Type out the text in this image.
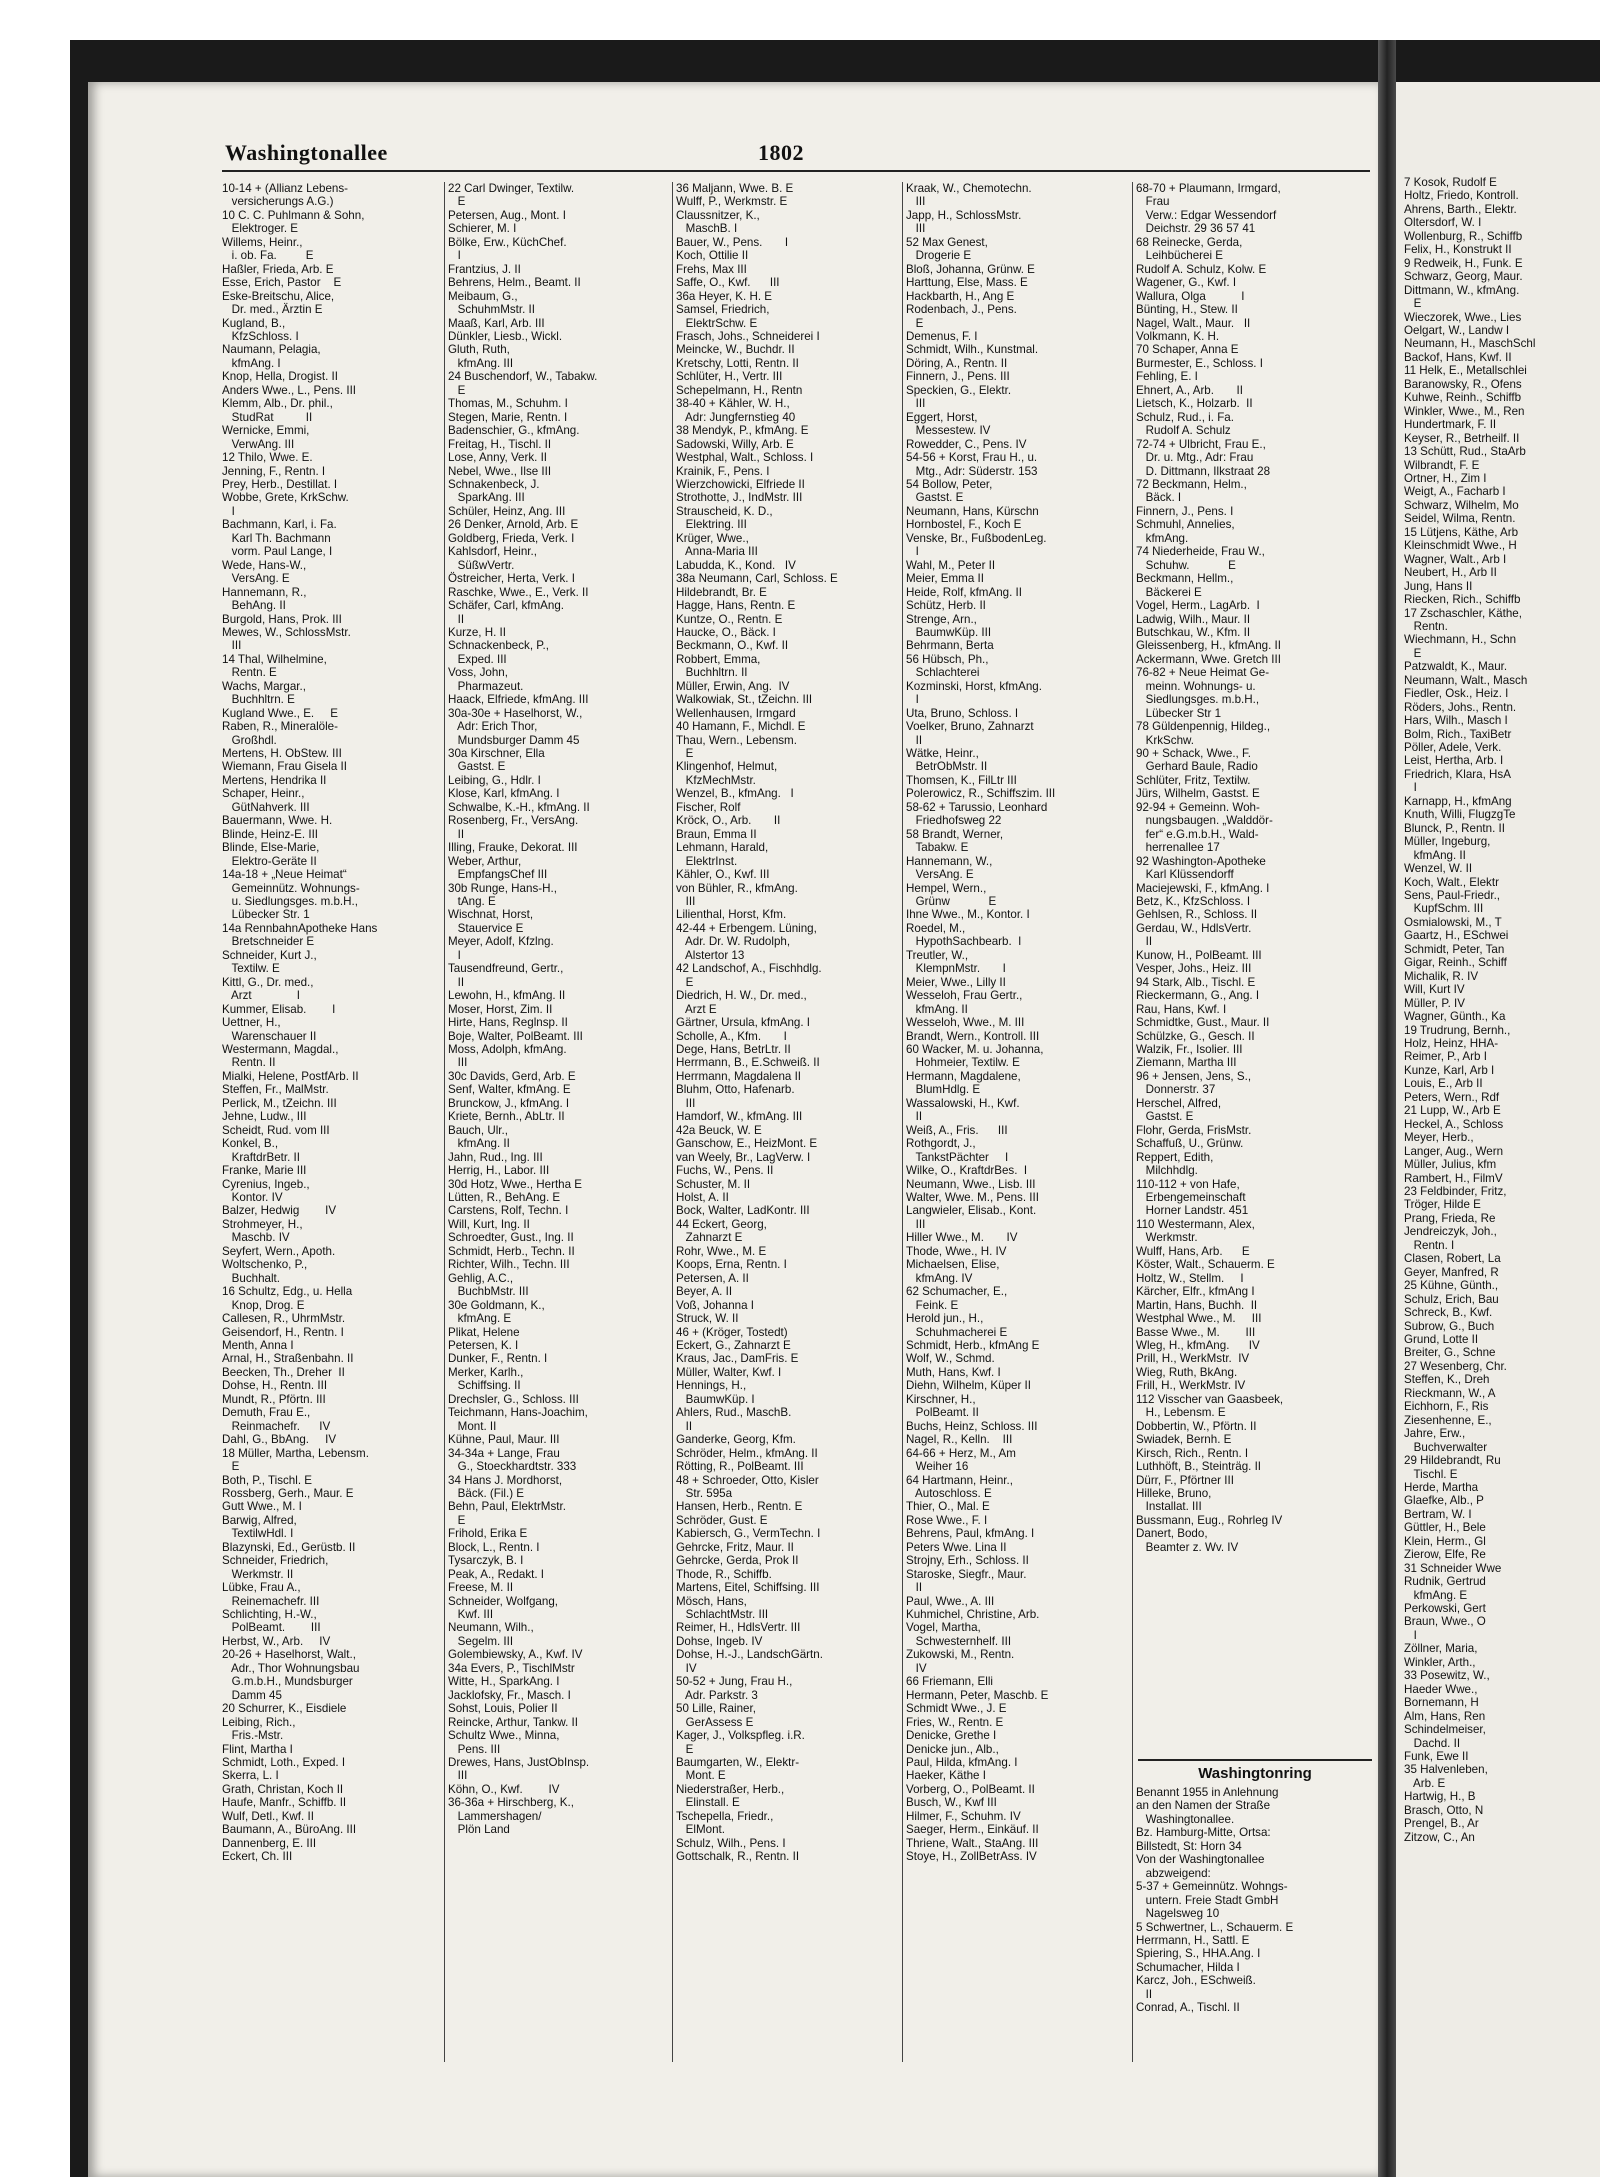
7 Kosok, Rudolf E
Holtz, Friedo, Kontroll.
Ahrens, Barth., Elektr.
Oltersdorf, W. I
Wollenburg, R., Schiffb
Felix, H., Konstrukt II
9 Redweik, H., Funk. E
Schwarz, Georg, Maur.
Dittmann, W., kfmAng.
E
Wieczorek, Wwe., Lies
Oelgart, W., Landw I
Neumann, H., MaschSchl
Backof, Hans, Kwf. II
11 Helk, E., Metallschlei
Baranowsky, R., Ofens
Kuhwe, Reinh., Schiffb
Winkler, Wwe., M., Ren
Hundertmark, F. II
Keyser, R., Betrheilf. II
13 Schütt, Rud., StaArb
Wilbrandt, F. E
Ortner, H., Zim I
Weigt, A., Facharb I
Schwarz, Wilhelm, Mo
Seidel, Wilma, Rentn.
15 Lütjens, Käthe, Arb
Kleinschmidt Wwe., H
Wagner, Walt., Arb I
Neubert, H., Arb II
Jung, Hans II
Riecken, Rich., Schiffb
17 Zschaschler, Käthe,
Rentn.
Wiechmann, H., Schn
E
Patzwaldt, K., Maur.
Neumann, Walt., Masch
Fiedler, Osk., Heiz. I
Röders, Johs., Rentn.
Hars, Wilh., Masch I
Bolm, Rich., TaxiBetr
Pöller, Adele, Verk.
Leist, Hertha, Arb. I
Friedrich, Klara, HsA
I
Karnapp, H., kfmAng
Knuth, Willi, FlugzgTe
Blunck, P., Rentn. II
Müller, Ingeburg,
kfmAng. II
Wenzel, W. II
Koch, Walt., Elektr
Sens, Paul-Friedr.,
KupfSchm. III
Osmialowski, M., T
Gaartz, H., ESchwei
Schmidt, Peter, Tan
Gigar, Reinh., Schiff
Michalik, R. IV
Will, Kurt IV
Müller, P. IV
Wagner, Günth., Ka
19 Trudrung, Bernh.,
Holz, Heinz, HHA-
Reimer, P., Arb I
Kunze, Karl, Arb I
Louis, E., Arb II
Peters, Wern., Rdf
21 Lupp, W., Arb E
Heckel, A., Schloss
Meyer, Herb.,
Langer, Aug., Wern
Müller, Julius, kfm
Rambert, H., FilmV
23 Feldbinder, Fritz,
Tröger, Hilde E
Prang, Frieda, Re
Jendreiczyk, Joh.,
Rentn. I
Clasen, Robert, La
Geyer, Manfred, R
25 Kühne, Günth.,
Schulz, Erich, Bau
Schreck, B., Kwf.
Subrow, G., Buch
Grund, Lotte II
Breiter, G., Schne
27 Wesenberg, Chr.
Steffen, K., Dreh
Rieckmann, W., A
Eichhorn, F., Ris
Ziesenhenne, E.,
Jahre, Erw.,
Buchverwalter
29 Hildebrandt, Ru
Tischl. E
Herde, Martha
Glaefke, Alb., P
Bertram, W. I
Güttler, H., Bele
Klein, Herm., Gl
Zierow, Elfe, Re
31 Schneider Wwe
Rudnik, Gertrud
kfmAng. E
Perkowski, Gert
Braun, Wwe., O
I
Zöllner, Maria,
Winkler, Arth.,
33 Posewitz, W.,
Haeder Wwe.,
Bornemann, H
Alm, Hans, Ren
Schindelmeiser,
Dachd. II
Funk, Ewe II
35 Halvenleben,
Arb. E
Hartwig, H., B
Brasch, Otto, N
Prengel, B., Ar
Zitzow, C., An
Washingtonallee	1802
10-14 + (Allianz Lebens-
versicherungs A.G.)
10 C. C. Puhlmann & Sohn,
Elektroger. E
Willems, Heinr.,
i. ob. Fa.         E
Haßler, Frieda, Arb. E
Esse, Erich, Pastor    E
Eske-Breitschu, Alice,
Dr. med., Ärztin E
Kugland, B.,
KfzSchloss. I
Naumann, Pelagia,
kfmAng. I
Knop, Hella, Drogist. II
Anders Wwe., L., Pens. III
Klemm, Alb., Dr. phil.,
StudRat          II
Wernicke, Emmi,
VerwAng. III
12 Thilo, Wwe. E.
Jenning, F., Rentn. I
Prey, Herb., Destillat. I
Wobbe, Grete, KrkSchw.
I
Bachmann, Karl, i. Fa.
Karl Th. Bachmann
vorm. Paul Lange, I
Wede, Hans-W.,
VersAng. E
Hannemann, R.,
BehAng. II
Burgold, Hans, Prok. III
Mewes, W., SchlossMstr.
III
14 Thal, Wilhelmine,
Rentn. E
Wachs, Margar.,
Buchhltrn. E
Kugland Wwe., E.     E
Raben, R., Mineralöle-
Großhdl.
Mertens, H. ObStew. III
Wiemann, Frau Gisela II
Mertens, Hendrika II
Schaper, Heinr.,
GütNahverk. III
Bauermann, Wwe. H.
Blinde, Heinz-E. III
Blinde, Else-Marie,
Elektro-Geräte II
14a-18 + „Neue Heimat“
Gemeinnütz. Wohnungs-
u. Siedlungsges. m.b.H.,
Lübecker Str. 1
14a RennbahnApotheke Hans
Bretschneider E
Schneider, Kurt J.,
Textilw. E
Kittl, G., Dr. med.,
Arzt              I
Kummer, Elisab.        I
Uettner, H.,
Warenschauer II
Westermann, Magdal.,
Rentn. II
Mialki, Helene, PostfArb. II
Steffen, Fr., MalMstr.
Perlick, M., tZeichn. III
Jehne, Ludw., III
Scheidt, Rud. vom III
Konkel, B.,
KraftdrBetr. II
Franke, Marie III
Cyrenius, Ingeb.,
Kontor. IV
Balzer, Hedwig        IV
Strohmeyer, H.,
Maschb. IV
Seyfert, Wern., Apoth.
Woltschenko, P.,
Buchhalt.
16 Schultz, Edg., u. Hella
Knop, Drog. E
Callesen, R., UhrmMstr.
Geisendorf, H., Rentn. I
Menth, Anna I
Arnal, H., Straßenbahn. II
Beecken, Th., Dreher  II
Dohse, H., Rentn. III
Mundt, R., Pförtn. III
Demuth, Frau E.,
Reinmachefr.      IV
Dahl, G., BbAng.     IV
18 Müller, Martha, Lebensm.
E
Both, P., Tischl. E
Rossberg, Gerh., Maur. E
Gutt Wwe., M. I
Barwig, Alfred,
TextilwHdl. I
Blazynski, Ed., Gerüstb. II
Schneider, Friedrich,
Werkmstr. II
Lübke, Frau A.,
Reinemachefr. III
Schlichting, H.-W.,
PolBeamt.        III
Herbst, W., Arb.     IV
20-26 + Haselhorst, Walt.,
Adr., Thor Wohnungsbau
G.m.b.H., Mundsburger
Damm 45
20 Schurrer, K., Eisdiele
Leibing, Rich.,
Fris.-Mstr.
Flint, Martha I
Schmidt, Loth., Exped. I
Skerra, L. I
Grath, Christan, Koch II
Haufe, Manfr., Schiffb. II
Wulf, Detl., Kwf. II
Baumann, A., BüroAng. III
Dannenberg, E. III
Eckert, Ch. III
22 Carl Dwinger, Textilw.
E
Petersen, Aug., Mont. I
Schierer, M. I
Bölke, Erw., KüchChef.
I
Frantzius, J. II
Behrens, Helm., Beamt. II
Meibaum, G.,
SchuhmMstr. II
Maaß, Karl, Arb. III
Dünkler, Liesb., Wickl.
Gluth, Ruth,
kfmAng. III
24 Buschendorf, W., Tabakw.
E
Thomas, M., Schuhm. I
Stegen, Marie, Rentn. I
Badenschier, G., kfmAng.
Freitag, H., Tischl. II
Lose, Anny, Verk. II
Nebel, Wwe., Ilse III
Schnakenbeck, J.
SparkAng. III
Schüler, Heinz, Ang. III
26 Denker, Arnold, Arb. E
Goldberg, Frieda, Verk. I
Kahlsdorf, Heinr.,
SüßwVertr.
Östreicher, Herta, Verk. I
Raschke, Wwe., E., Verk. II
Schäfer, Carl, kfmAng.
II
Kurze, H. II
Schnackenbeck, P.,
Exped. III
Voss, John,
Pharmazeut.
Haack, Elfriede, kfmAng. III
30a-30e + Haselhorst, W.,
Adr: Erich Thor,
Mundsburger Damm 45
30a Kirschner, Ella
Gastst. E
Leibing, G., Hdlr. I
Klose, Karl, kfmAng. I
Schwalbe, K.-H., kfmAng. II
Rosenberg, Fr., VersAng.
II
Illing, Frauke, Dekorat. III
Weber, Arthur,
EmpfangsChef III
30b Runge, Hans-H.,
tAng. E
Wischnat, Horst,
Stauervice E
Meyer, Adolf, Kfzlng.
I
Tausendfreund, Gertr.,
II
Lewohn, H., kfmAng. II
Moser, Horst, Zim. II
Hirte, Hans, Reglnsp. II
Boje, Walter, PolBeamt. III
Moss, Adolph, kfmAng.
III
30c Davids, Gerd, Arb. E
Senf, Walter, kfmAng. E
Brunckow, J., kfmAng. I
Kriete, Bernh., AbLtr. II
Bauch, Ulr.,
kfmAng. II
Jahn, Rud., Ing. III
Herrig, H., Labor. III
30d Hotz, Wwe., Hertha E
Lütten, R., BehAng. E
Carstens, Rolf, Techn. I
Will, Kurt, Ing. II
Schroedter, Gust., Ing. II
Schmidt, Herb., Techn. II
Richter, Wilh., Techn. III
Gehlig, A.C.,
BuchbMstr. III
30e Goldmann, K.,
kfmAng. E
Plikat, Helene
Petersen, K. I
Dunker, F., Rentn. I
Merker, Karlh.,
Schiffsing. II
Drechsler, G., Schloss. III
Teichmann, Hans-Joachim,
Mont. II
Kühne, Paul, Maur. III
34-34a + Lange, Frau
G., Stoeckhardtstr. 333
34 Hans J. Mordhorst,
Bäck. (Fil.) E
Behn, Paul, ElektrMstr.
E
Frihold, Erika E
Block, L., Rentn. I
Tysarczyk, B. I
Peak, A., Redakt. I
Freese, M. II
Schneider, Wolfgang,
Kwf. III
Neumann, Wilh.,
Segelm. III
Golembiewsky, A., Kwf. IV
34a Evers, P., TischlMstr
Witte, H., SparkAng. I
Jacklofsky, Fr., Masch. I
Sohst, Louis, Polier II
Reincke, Arthur, Tankw. II
Schultz Wwe., Minna,
Pens. III
Drewes, Hans, JustObInsp.
III
Köhn, O., Kwf.        IV
36-36a + Hirschberg, K.,
Lammershagen/
Plön Land
36 Maljann, Wwe. B. E
Wulff, P., Werkmstr. E
Claussnitzer, K.,
MaschB. I
Bauer, W., Pens.       I
Koch, Ottilie II
Frehs, Max III
Saffe, O., Kwf.      III
36a Heyer, K. H. E
Samsel, Friedrich,
ElektrSchw. E
Frasch, Johs., Schneiderei I
Meincke, W., Buchdr. II
Kretschy, Lotti, Rentn. II
Schlüter, H., Vertr. III
Schepelmann, H., Rentn
38-40 + Kähler, W. H.,
Adr: Jungfernstieg 40
38 Mendyk, P., kfmAng. E
Sadowski, Willy, Arb. E
Westphal, Walt., Schloss. I
Krainik, F., Pens. I
Wierzchowicki, Elfriede II
Strothotte, J., IndMstr. III
Strauscheid, K. D.,
Elektring. III
Krüger, Wwe.,
Anna-Maria III
Labudda, K., Kond.   IV
38a Neumann, Carl, Schloss. E
Hildebrandt, Br. E
Hagge, Hans, Rentn. E
Kuntze, O., Rentn. E
Haucke, O., Bäck. I
Beckmann, O., Kwf. II
Robbert, Emma,
Buchhltrn. II
Müller, Erwin, Ang.  IV
Walkowiak, St., tZeichn. III
Wellenhausen, Irmgard
40 Hamann, F., Michdl. E
Thau, Wern., Lebensm.
E
Klingenhof, Helmut,
KfzMechMstr.
Wenzel, B., kfmAng.   I
Fischer, Rolf
Kröck, O., Arb.       II
Braun, Emma II
Lehmann, Harald,
ElektrInst.
Kähler, O., Kwf. III
von Bühler, R., kfmAng.
III
Lilienthal, Horst, Kfm.
42-44 + Erbengem. Lüning,
Adr. Dr. W. Rudolph,
Alstertor 13
42 Landschof, A., Fischhdlg.
E
Diedrich, H. W., Dr. med.,
Arzt E
Gärtner, Ursula, kfmAng. I
Scholle, A., Kfm.       I
Dege, Hans, BetrLtr. II
Herrmann, B., E.Schweiß. II
Herrmann, Magdalena II
Bluhm, Otto, Hafenarb.
III
Hamdorf, W., kfmAng. III
42a Beuck, W. E
Ganschow, E., HeizMont. E
van Weely, Br., LagVerw. I
Fuchs, W., Pens. II
Schuster, M. II
Holst, A. II
Bock, Walter, LadKontr. III
44 Eckert, Georg,
Zahnarzt E
Rohr, Wwe., M. E
Koops, Erna, Rentn. I
Petersen, A. II
Beyer, A. II
Voß, Johanna I
Struck, W. II
46 + (Kröger, Tostedt)
Eckert, G., Zahnarzt E
Kraus, Jac., DamFris. E
Müller, Walter, Kwf. I
Hennings, H.,
BaumwKüp. I
Ahlers, Rud., MaschB.
II
Ganderke, Georg, Kfm.
Schröder, Helm., kfmAng. II
Rötting, R., PolBeamt. III
48 + Schroeder, Otto, Kisler
Str. 595a
Hansen, Herb., Rentn. E
Schröder, Gust. E
Kabiersch, G., VermTechn. I
Gehrcke, Fritz, Maur. II
Gehrcke, Gerda, Prok II
Thode, R., Schiffb.
Martens, Eitel, Schiffsing. III
Mösch, Hans,
SchlachtMstr. III
Reimer, H., HdlsVertr. III
Dohse, Ingeb. IV
Dohse, H.-J., LandschGärtn.
IV
50-52 + Jung, Frau H.,
Adr. Parkstr. 3
50 Lille, Rainer,
GerAssess E
Kager, J., Volkspfleg. i.R.
E
Baumgarten, W., Elektr-
Mont. E
Niederstraßer, Herb.,
Elinstall. E
Tschepella, Friedr.,
ElMont.
Schulz, Wilh., Pens. I
Gottschalk, R., Rentn. II
Kraak, W., Chemotechn.
III
Japp, H., SchlossMstr.
III
52 Max Genest,
Drogerie E
Bloß, Johanna, Grünw. E
Harttung, Else, Mass. E
Hackbarth, H., Ang E
Rodenbach, J., Pens.
E
Demenus, F. I
Schmidt, Wilh., Kunstmal.
Döring, A., Rentn. II
Finnern, J., Pens. III
Speckien, G., Elektr.
III
Eggert, Horst,
Messestew. IV
Rowedder, C., Pens. IV
54-56 + Korst, Frau H., u.
Mtg., Adr: Süderstr. 153
54 Bollow, Peter,
Gastst. E
Neumann, Hans, Kürschn
Hornbostel, F., Koch E
Venske, Br., FußbodenLeg.
I
Wahl, M., Peter II
Meier, Emma II
Heide, Rolf, kfmAng. II
Schütz, Herb. II
Strenge, Arn.,
BaumwKüp. III
Behrmann, Berta
56 Hübsch, Ph.,
Schlachterei
Kozminski, Horst, kfmAng.
I
Uta, Bruno, Schloss. I
Voelker, Bruno, Zahnarzt
II
Wätke, Heinr.,
BetrObMstr. II
Thomsen, K., FilLtr III
Polerowicz, R., Schiffszim. III
58-62 + Tarussio, Leonhard
Friedhofsweg 22
58 Brandt, Werner,
Tabakw. E
Hannemann, W.,
VersAng. E
Hempel, Wern.,
Grünw            E
Ihne Wwe., M., Kontor. I
Roedel, M.,
HypothSachbearb.  I
Treutler, W.,
KlempnMstr.       I
Meier, Wwe., Lilly II
Wesseloh, Frau Gertr.,
kfmAng. II
Wesseloh, Wwe., M. III
Brandt, Wern., Kontroll. III
60 Wacker, M. u. Johanna,
Hohmeier, Textilw. E
Hermann, Magdalene,
BlumHdlg. E
Wassalowski, H., Kwf.
II
Weiß, A., Fris.      III
Rothgordt, J.,
TankstPächter     I
Wilke, O., KraftdrBes.  I
Neumann, Wwe., Lisb. III
Walter, Wwe. M., Pens. III
Langwieler, Elisab., Kont.
III
Hiller Wwe., M.       IV
Thode, Wwe., H. IV
Michaelsen, Elise,
kfmAng. IV
62 Schumacher, E.,
Feink. E
Herold jun., H.,
Schuhmacherei E
Schmidt, Herb., kfmAng E
Wolf, W., Schmd.
Muth, Hans, Kwf. I
Diehn, Wilhelm, Küper II
Kirschner, H.,
PolBeamt. II
Buchs, Heinz, Schloss. III
Nagel, R., Kelln.    III
64-66 + Herz, M., Am
Weiher 16
64 Hartmann, Heinr.,
Autoschloss. E
Thier, O., Mal. E
Rose Wwe., F. I
Behrens, Paul, kfmAng. I
Peters Wwe. Lina II
Strojny, Erh., Schloss. II
Staroske, Siegfr., Maur.
II
Paul, Wwe., A. III
Kuhmichel, Christine, Arb.
Vogel, Martha,
Schwesternhelf. III
Zukowski, M., Rentn.
IV
66 Friemann, Elli
Hermann, Peter, Maschb. E
Schmidt Wwe., J. E
Fries, W., Rentn. E
Denicke, Grethe I
Denicke jun., Alb.,
Paul, Hilda, kfmAng. I
Haeker, Käthe I
Vorberg, O., PolBeamt. II
Busch, W., Kwf III
Hilmer, F., Schuhm. IV
Saeger, Herm., Einkäuf. II
Thriene, Walt., StaAng. III
Stoye, H., ZollBetrAss. IV
68-70 + Plaumann, Irmgard,
Frau
Verw.: Edgar Wessendorf
Deichstr. 29 36 57 41
68 Reinecke, Gerda,
Leihbücherei E
Rudolf A. Schulz, Kolw. E
Wagener, G., Kwf. I
Wallura, Olga           I
Bünting, H., Stew. II
Nagel, Walt., Maur.   II
Volkmann, K. H.
70 Schaper, Anna E
Burmester, E., Schloss. I
Fehling, E. I
Ehnert, A., Arb.       II
Lietsch, K., Holzarb.  II
Schulz, Rud., i. Fa.
Rudolf A. Schulz
72-74 + Ulbricht, Frau E.,
Dr. u. Mtg., Adr: Frau
D. Dittmann, Ilkstraat 28
72 Beckmann, Helm.,
Bäck. I
Finnern, J., Pens. I
Schmuhl, Annelies,
kfmAng.
74 Niederheide, Frau W.,
Schuhw.            E
Beckmann, Hellm.,
Bäckerei E
Vogel, Herm., LagArb.  I
Ladwig, Wilh., Maur. II
Butschkau, W., Kfm. II
Gleissenberg, H., kfmAng. II
Ackermann, Wwe. Gretch III
76-82 + Neue Heimat Ge-
meinn. Wohnungs- u.
Siedlungsges. m.b.H.,
Lübecker Str 1
78 Güldenpennig, Hildeg.,
KrkSchw.
90 + Schack, Wwe., F.
Gerhard Baule, Radio
Schlüter, Fritz, Textilw.
Jürs, Wilhelm, Gastst. E
92-94 + Gemeinn. Woh-
nungsbaugen. „Walddör-
fer“ e.G.m.b.H., Wald-
herrenallee 17
92 Washington-Apotheke
Karl Klüssendorff
Maciejewski, F., kfmAng. I
Betz, K., KfzSchloss. I
Gehlsen, R., Schloss. II
Gerdau, W., HdlsVertr.
II
Kunow, H., PolBeamt. III
Vesper, Johs., Heiz. III
94 Stark, Alb., Tischl. E
Rieckermann, G., Ang. I
Rau, Hans, Kwf. I
Schmidtke, Gust., Maur. II
Schülzke, G., Gesch. II
Walzik, Fr., Isolier. III
Ziemann, Martha III
96 + Jensen, Jens, S.,
Donnerstr. 37
Herschel, Alfred,
Gastst. E
Flohr, Gerda, FrisMstr.
Schaffuß, U., Grünw.
Reppert, Edith,
Milchhdlg.
110-112 + von Hafe,
Erbengemeinschaft
Horner Landstr. 451
110 Westermann, Alex,
Werkmstr.
Wulff, Hans, Arb.      E
Köster, Walt., Schauerm. E
Holtz, W., Stellm.     I
Kärcher, Elfr., kfmAng I
Martin, Hans, Buchh.  II
Westphal Wwe., M.     III
Basse Wwe., M.        III
Wleg, H., kfmAng.      IV
Prill, H., WerkMstr.  IV
Wieg, Ruth, BkAng.
Frill, H., WerkMstr. IV
112 Visscher van Gaasbeek,
H., Lebensm. E
Dobbertin, W., Pförtn. II
Swiadek, Bernh. E
Kirsch, Rich., Rentn. I
Luthhöft, B., Steinträg. II
Dürr, F., Pförtner III
Hilleke, Bruno,
Installat. III
Bussmann, Eug., Rohrleg IV
Danert, Bodo,
Beamter z. Wv. IV
Washingtonring
Benannt 1955 in Anlehnung
an den Namen der Straße
Washingtonallee.
Bz. Hamburg-Mitte, Ortsa:
Billstedt, St: Horn 34
Von der Washingtonallee
abzweigend:
5-37 + Gemeinnütz. Wohngs-
untern. Freie Stadt GmbH
Nagelsweg 10
5 Schwertner, L., Schauerm. E
Herrmann, H., Sattl. E
Spiering, S., HHA.Ang. I
Schumacher, Hilda I
Karcz, Joh., ESchweiß.
II
Conrad, A., Tischl. II
